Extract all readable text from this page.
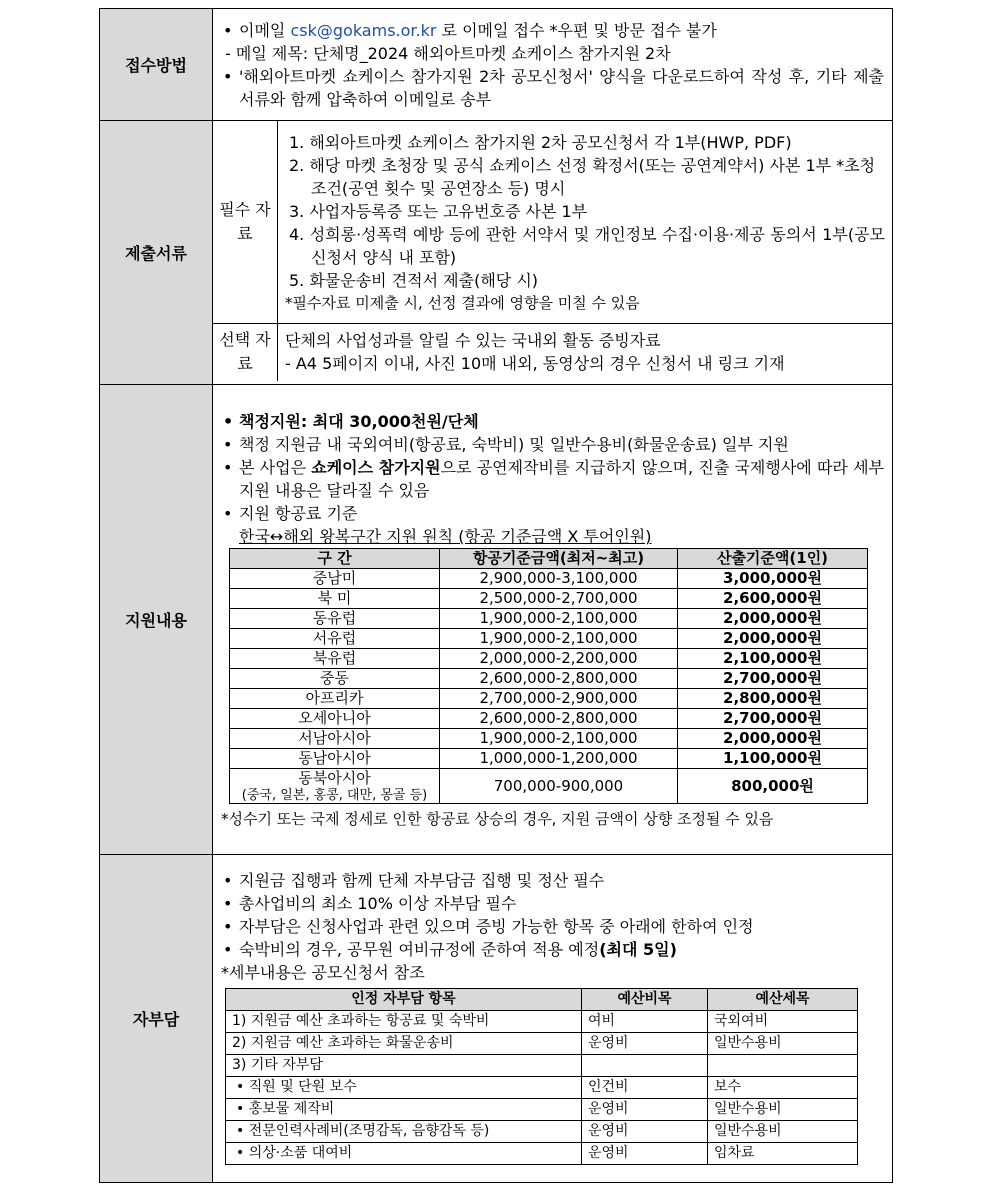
접수방법	
• 이메일 csk@gokams.or.kr 로 이메일 접수 *우편 및 방문 접수 불가
- 메일 제목: 단체명_2024 해외아트마켓 쇼케이스 참가지원 2차
• '해외아트마켓 쇼케이스 참가지원 2차 공모신청서' 양식을 다운로드하여 작성 후, 기타 제출서류와 함께 압축하여 이메일로 송부

제출서류	
필수 자료	
1. 해외아트마켓 쇼케이스 참가지원 2차 공모신청서 각 1부(HWP, PDF)
2. 해당 마켓 초청장 및 공식 쇼케이스 선정 확정서(또는 공연계약서) 사본 1부 *초청조건(공연 횟수 및 공연장소 등) 명시
3. 사업자등록증 또는 고유번호증 사본 1부
4. 성희롱·성폭력 예방 등에 관한 서약서 및 개인정보 수집·이용·제공 동의서 1부(공모신청서 양식 내 포함)
5. 화물운송비 견적서 제출(해당 시)
*필수자료 미제출 시, 선정 결과에 영향을 미칠 수 있음

선택 자료	
단체의 사업성과를 알릴 수 있는 국내외 활동 증빙자료
- A4 5페이지 이내, 사진 10매 내외, 동영상의 경우 신청서 내 링크 기재

지원내용	
• 책정지원: 최대 30,000천원/단체
• 책정 지원금 내 국외여비(항공료, 숙박비) 및 일반수용비(화물운송료) 일부 지원
• 본 사업은 쇼케이스 참가지원으로 공연제작비를 지급하지 않으며, 진출 국제행사에 따라 세부지원 내용은 달라질 수 있음
• 지원 항공료 기준
한국↔해외 왕복구간 지원 원칙 (항공 기준금액 X 투어인원)
구 간	항공기준금액(최저~최고)	산출기준액(1인)
중남미	2,900,000-3,100,000	3,000,000원
북 미	2,500,000-2,700,000	2,600,000원
동유럽	1,900,000-2,100,000	2,000,000원
서유럽	1,900,000-2,100,000	2,000,000원
북유럽	2,000,000-2,200,000	2,100,000원
중동	2,600,000-2,800,000	2,700,000원
아프리카	2,700,000-2,900,000	2,800,000원
오세아니아	2,600,000-2,800,000	2,700,000원
서남아시아	1,900,000-2,100,000	2,000,000원
동남아시아	1,000,000-1,200,000	1,100,000원

동북아시아
(중국, 일본, 홍콩, 대만, 몽골 등)
	700,000-900,000	800,000원
*성수기 또는 국제 정세로 인한 항공료 상승의 경우, 지원 금액이 상향 조정될 수 있음

자부담	
• 지원금 집행과 함께 단체 자부담금 집행 및 정산 필수
• 총사업비의 최소 10% 이상 자부담 필수
• 자부담은 신청사업과 관련 있으며 증빙 가능한 항목 중 아래에 한하여 인정
• 숙박비의 경우, 공무원 여비규정에 준하여 적용 예정(최대 5일)
*세부내용은 공모신청서 참조
인정 자부담 항목	예산비목	예산세목
1) 지원금 예산 초과하는 항공료 및 숙박비	여비	국외여비
2) 지원금 예산 초과하는 화물운송비	운영비	일반수용비
3) 기타 자부담		
• 직원 및 단원 보수	인건비	보수
• 홍보물 제작비	운영비	일반수용비
• 전문인력사례비(조명감독, 음향감독 등)	운영비	일반수용비
• 의상·소품 대여비	운영비	임차료
